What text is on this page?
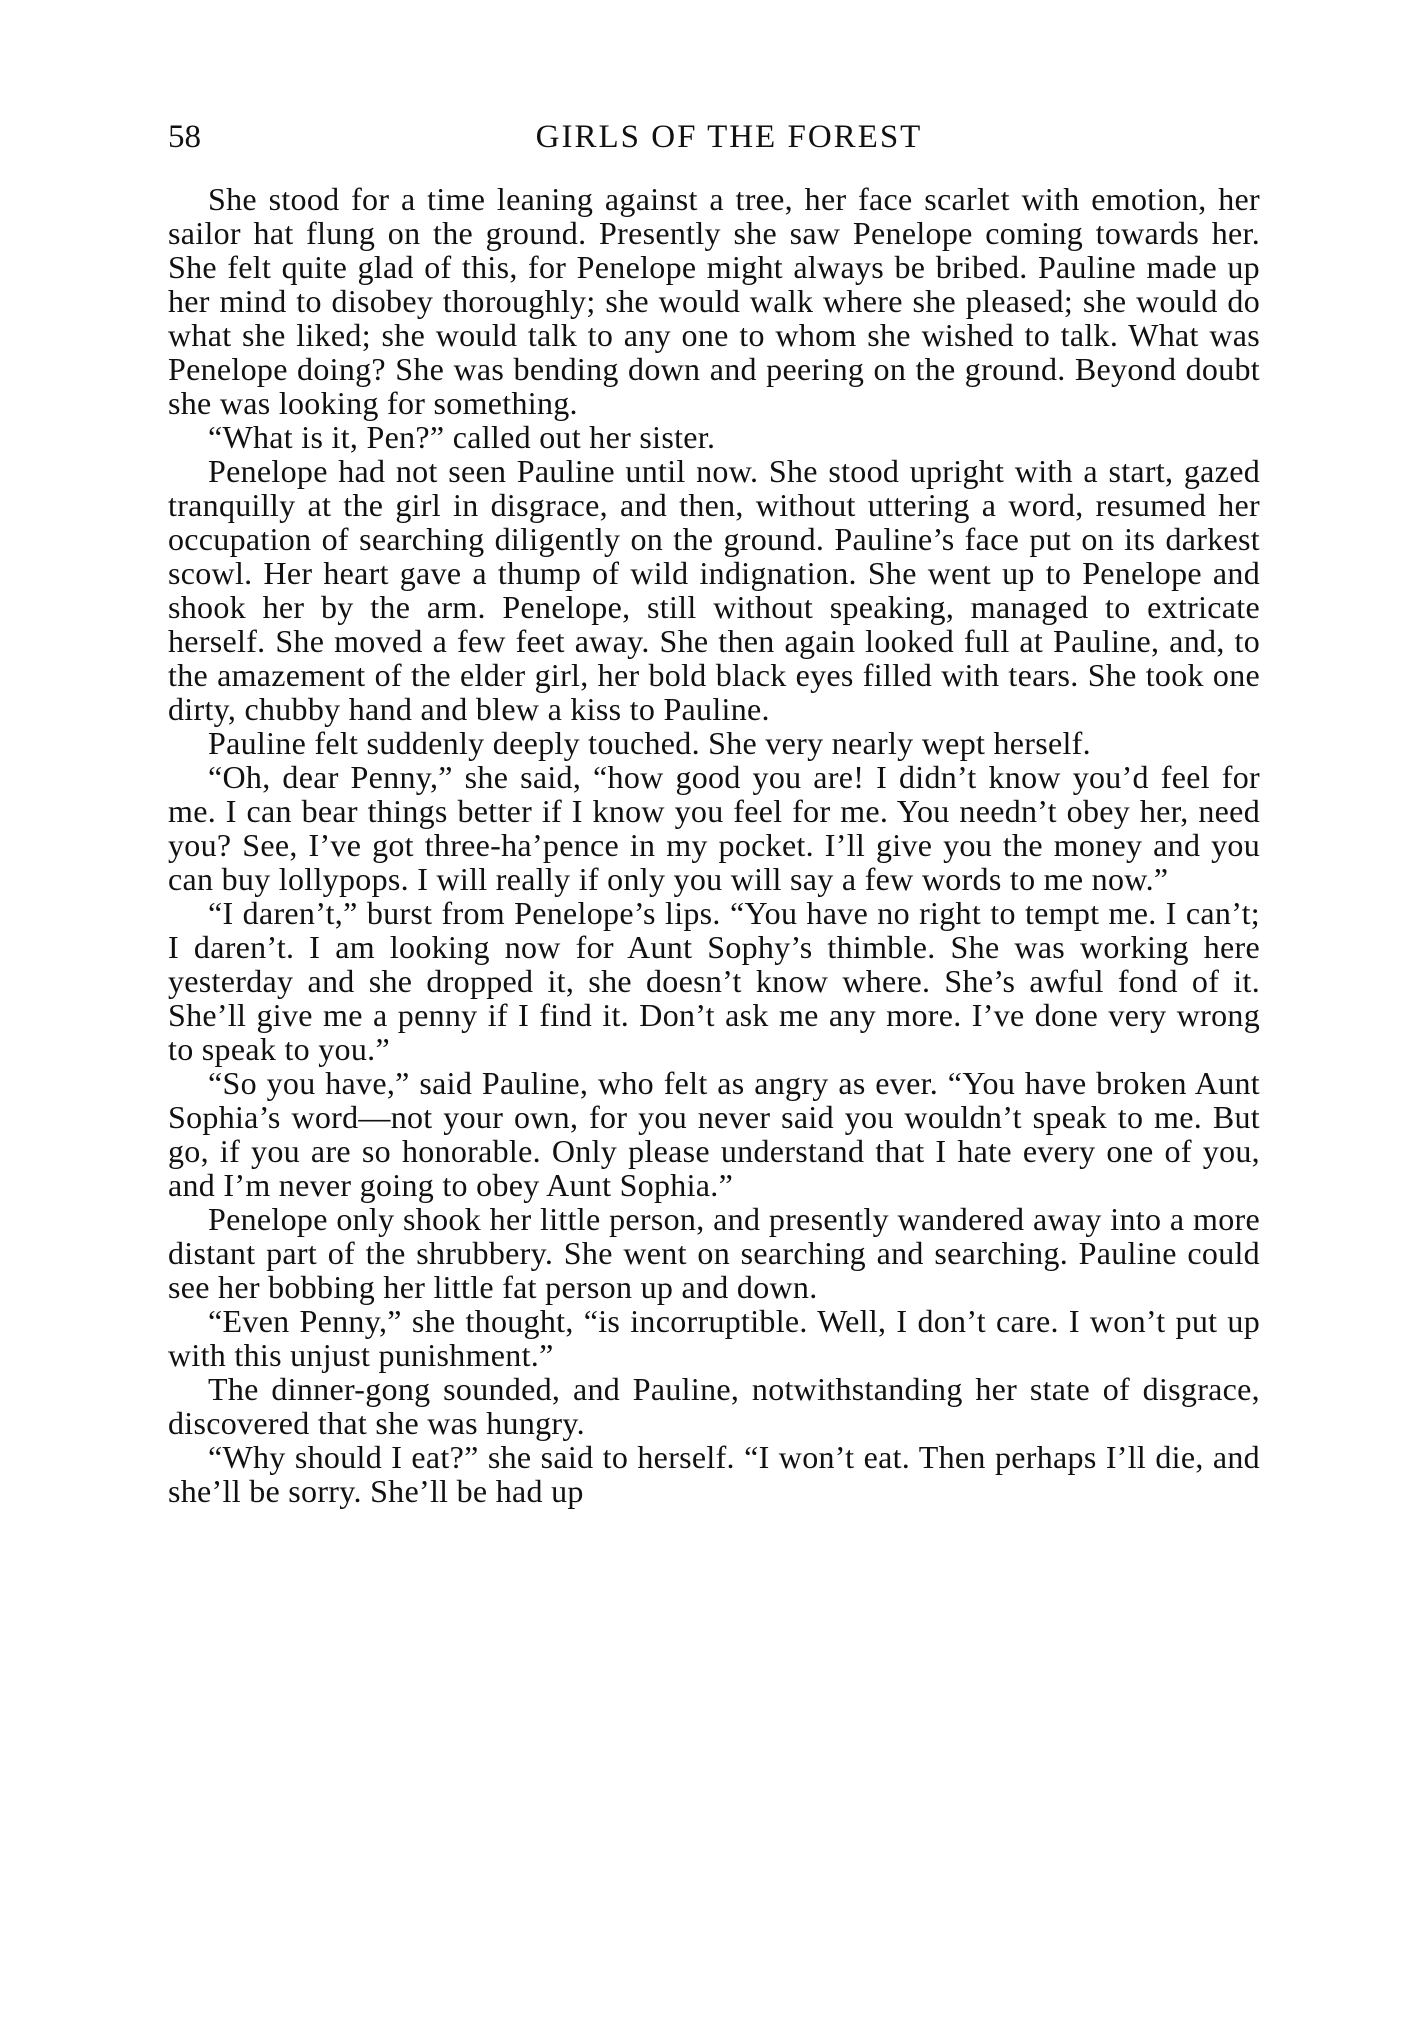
58	GIRLS OF THE FOREST

She stood for a time leaning against a tree, her face scarlet with emotion, her sailor hat flung on the ground. Presently she saw Penelope coming towards her. She felt quite glad of this, for Penelope might always be bribed. Pauline made up her mind to disobey thoroughly; she would walk where she pleased; she would do what she liked; she would talk to any one to whom she wished to talk. What was Penelope doing? She was bending down and peering on the ground. Beyond doubt she was looking for something.

“What is it, Pen?” called out her sister.

Penelope had not seen Pauline until now. She stood upright with a start, gazed tranquilly at the girl in disgrace, and then, without uttering a word, resumed her occupation of searching diligently on the ground. Pauline’s face put on its darkest scowl. Her heart gave a thump of wild indignation. She went up to Penelope and shook her by the arm. Penelope, still without speaking, managed to extricate herself. She moved a few feet away. She then again looked full at Pauline, and, to the amazement of the elder girl, her bold black eyes filled with tears. She took one dirty, chubby hand and blew a kiss to Pauline.

Pauline felt suddenly deeply touched. She very nearly wept herself.

“Oh, dear Penny,” she said, “how good you are! I didn’t know you’d feel for me. I can bear things better if I know you feel for me. You needn’t obey her, need you? See, I’ve got three-ha’pence in my pocket. I’ll give you the money and you can buy lollypops. I will really if only you will say a few words to me now.”

“I daren’t,” burst from Penelope’s lips. “You have no right to tempt me. I can’t; I daren’t. I am looking now for Aunt Sophy’s thimble. She was working here yesterday and she dropped it, she doesn’t know where. She’s awful fond of it. She’ll give me a penny if I find it. Don’t ask me any more. I’ve done very wrong to speak to you.”

“So you have,” said Pauline, who felt as angry as ever. “You have broken Aunt Sophia’s word—not your own, for you never said you wouldn’t speak to me. But go, if you are so honorable. Only please understand that I hate every one of you, and I’m never going to obey Aunt Sophia.”

Penelope only shook her little person, and presently wandered away into a more distant part of the shrubbery. She went on searching and searching. Pauline could see her bobbing her little fat person up and down.

“Even Penny,” she thought, “is incorruptible. Well, I don’t care. I won’t put up with this unjust punishment.”

The dinner-gong sounded, and Pauline, notwithstanding her state of disgrace, discovered that she was hungry.

“Why should I eat?” she said to herself. “I won’t eat. Then perhaps I’ll die, and she’ll be sorry. She’ll be had up
